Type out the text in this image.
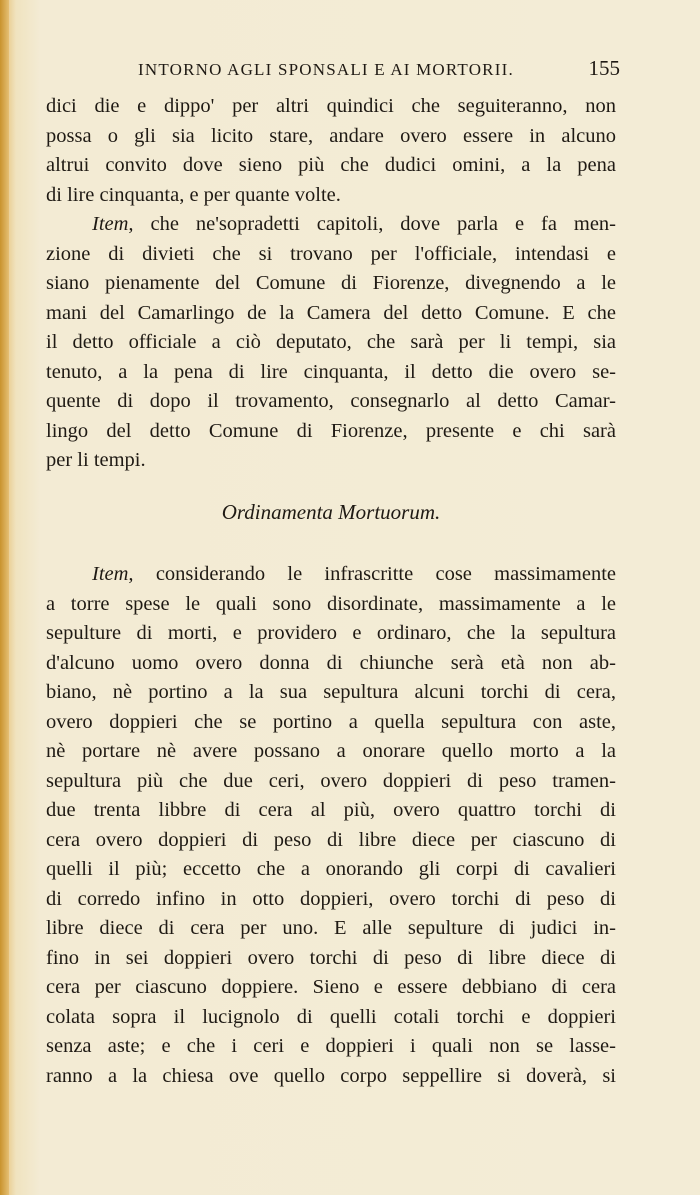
INTORNO AGLI SPONSALI E AI MORTORII.	155
dici die e dippo' per altri quindici che seguiteranno, non
possa o gli sia licito stare, andare overo essere in alcuno
altrui convito dove sieno più che dudici omini, a la pena
di lire cinquanta, e per quante volte.
Item, che ne'sopradetti capitoli, dove parla e fa men-
zione di divieti che si trovano per l'officiale, intendasi e
siano pienamente del Comune di Fiorenze, divegnendo a le
mani del Camarlingo de la Camera del detto Comune. E che
il detto officiale a ciò deputato, che sarà per li tempi, sia
tenuto, a la pena di lire cinquanta, il detto die overo se-
quente di dopo il trovamento, consegnarlo al detto Camar-
lingo del detto Comune di Fiorenze, presente e chi sarà
per li tempi.
Ordinamenta Mortuorum.
Item, considerando le infrascritte cose massimamente
a torre spese le quali sono disordinate, massimamente a le
sepulture di morti, e providero e ordinaro, che la sepultura
d'alcuno uomo overo donna di chiunche serà età non ab-
biano, nè portino a la sua sepultura alcuni torchi di cera,
overo doppieri che se portino a quella sepultura con aste,
nè portare nè avere possano a onorare quello morto a la
sepultura più che due ceri, overo doppieri di peso tramen-
due trenta libbre di cera al più, overo quattro torchi di
cera overo doppieri di peso di libre diece per ciascuno di
quelli il più; eccetto che a onorando gli corpi di cavalieri
di corredo infino in otto doppieri, overo torchi di peso di
libre diece di cera per uno. E alle sepulture di judici in-
fino in sei doppieri overo torchi di peso di libre diece di
cera per ciascuno doppiere. Sieno e essere debbiano di cera
colata sopra il lucignolo di quelli cotali torchi e doppieri
senza aste; e che i ceri e doppieri i quali non se lasse-
ranno a la chiesa ove quello corpo seppellire si doverà, si
